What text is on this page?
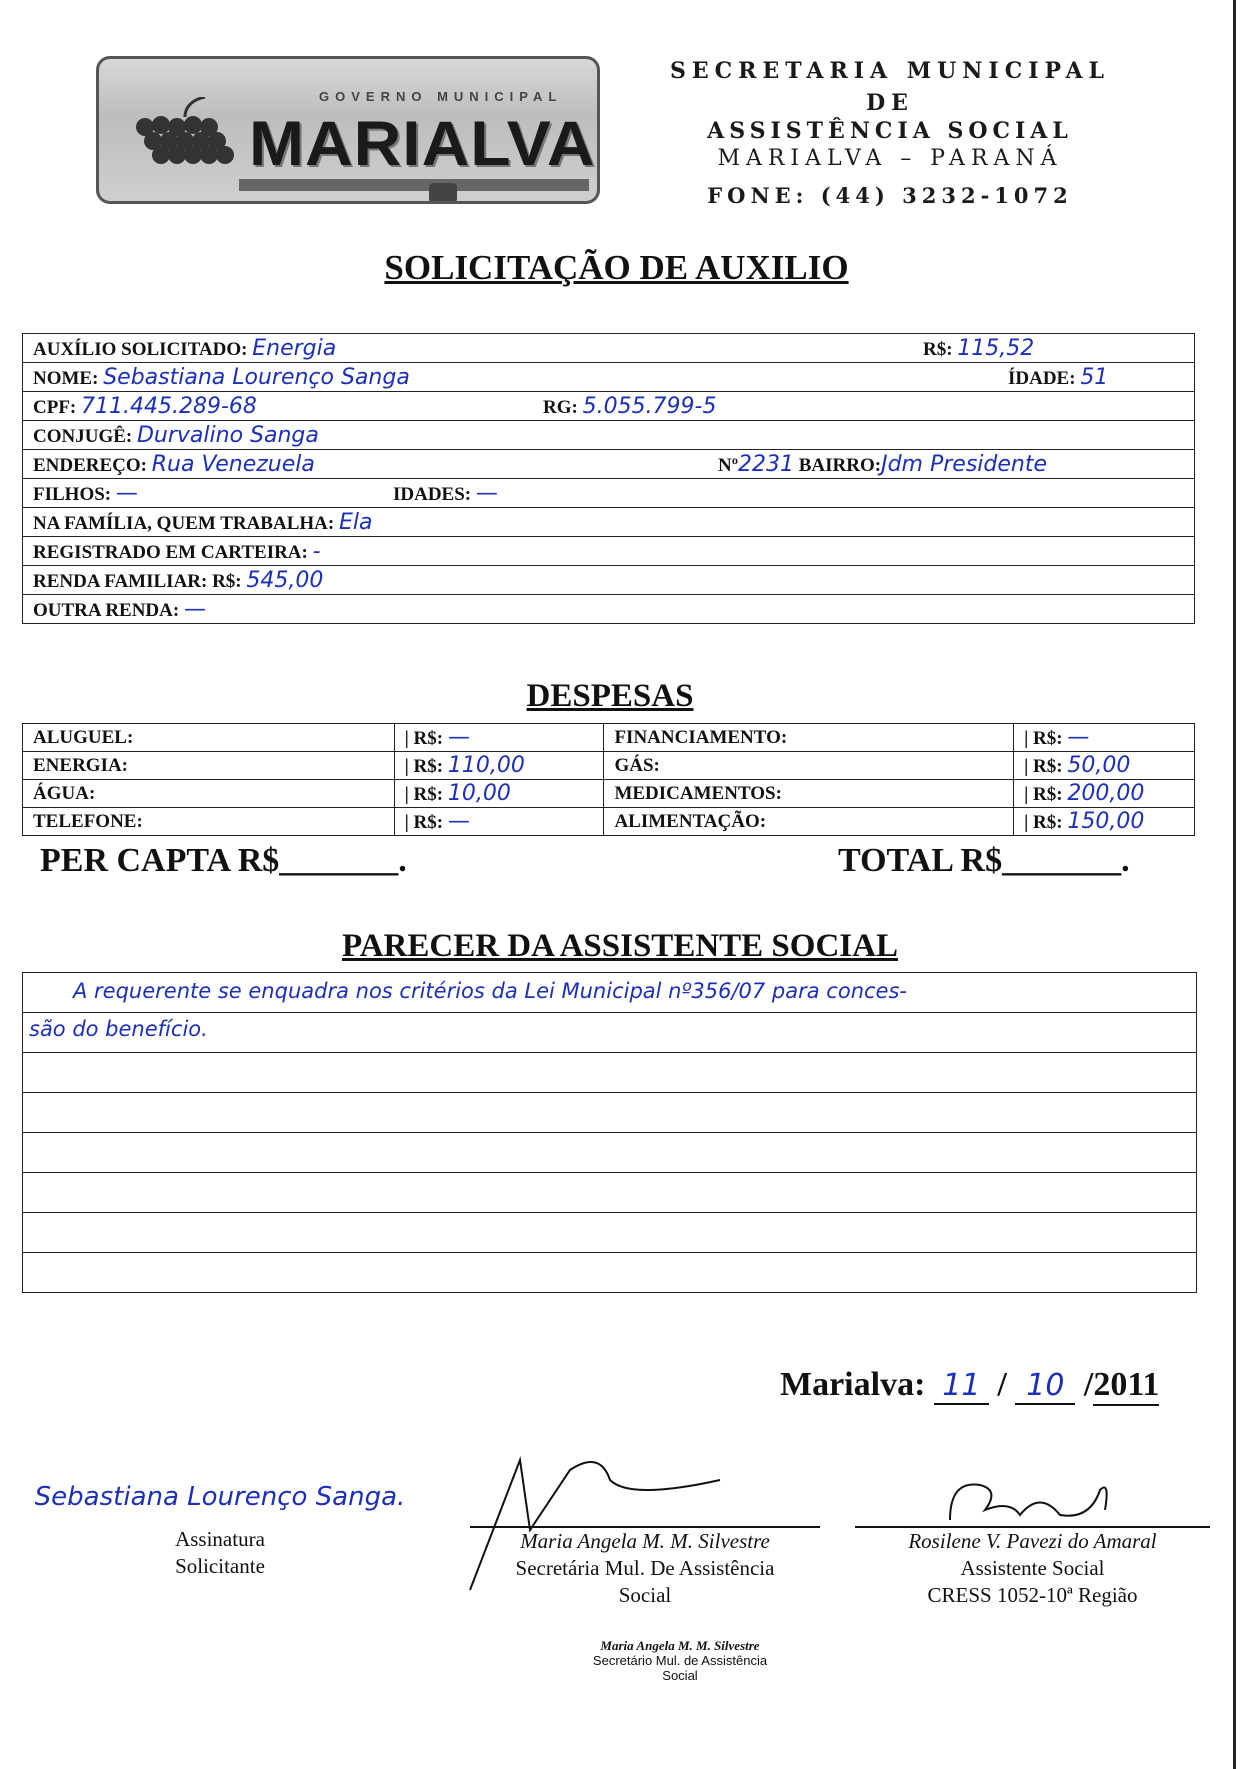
GOVERNO MUNICIPAL
MARIALVA
SECRETARIA MUNICIPAL
DE
ASSISTÊNCIA SOCIAL
MARIALVA – PARANÁ
FONE: (44) 3232-1072
SOLICITAÇÃO DE AUXILIO
AUXÍLIO SOLICITADO: Energia	R$: 115,52

NOME: Sebastiana Lourenço Sanga	ÍDADE: 51

CPF: 711.445.289-68	RG: 5.055.799-5

CONJUGÊ: Durvalino Sanga
ENDEREÇO: Rua Venezuela	Nº2231 BAIRRO:Jdm Presidente

FILHOS: —	IDADES: —

NA FAMÍLIA, QUEM TRABALHA: Ela
REGISTRADO EM CARTEIRA: -
RENDA FAMILIAR: R$: 545,00
OUTRA RENDA: —
DESPESAS
ALUGUEL:	| R$: —	FINANCIAMENTO:	| R$: —
ENERGIA:	| R$: 110,00	GÁS:	| R$: 50,00
ÁGUA:	| R$: 10,00	MEDICAMENTOS:	| R$: 200,00
TELEFONE:	| R$: —	ALIMENTAÇÃO:	| R$: 150,00
PER CAPTA R$_______.	TOTAL R$_______.
PARECER DA ASSISTENTE SOCIAL
A requerente se enquadra nos critérios da Lei Municipal nº356/07 para conces-
são do benefício.
Marialva: 11 / 10 /2011
Sebastiana Lourenço Sanga.
Assinatura
Solicitante
Maria Angela M. M. Silvestre
Secretária Mul. De Assistência
Social
Rosilene V. Pavezi do Amaral
Assistente Social
CRESS 1052-10ª Região
Maria Angela M. M. Silvestre
Secretário Mul. de Assistência
Social
